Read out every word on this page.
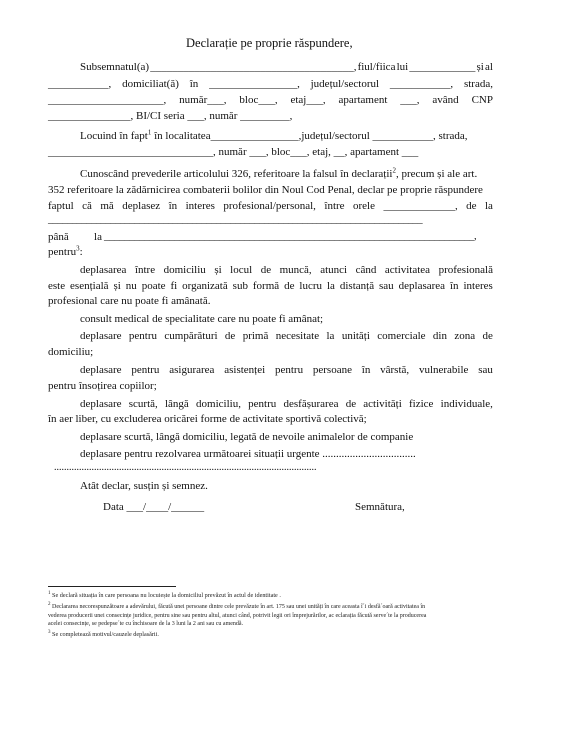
Declarație pe proprie răspundere,
Subsemnatul(a) _____________________________________, fiul/fiica lui ____________ și al
___________, domiciliat(ă) în ________________, județul/sectorul ___________, strada,
_____________________, număr___, bloc___, etaj___, apartament ___, având CNP
_______________, BI/CI seria ___, număr _________,
Locuind în fapt$^1$ în localitatea________________,județul/sectorul ___________, strada,
______________________________, număr ___, bloc___, etaj, __, apartament ___
Cunoscând prevederile articolului 326, referitoare la falsul în declarații$^2$, precum și ale art.
352 referitoare la zădărnicirea combaterii bolilor din Noul Cod Penal, declar pe proprie răspundere
faptul că mă deplasez în interes profesional/personal, între orele _____________, de la
______________________________________________________________________________
până la __________________________________________________________________________,
pentru$^3$:
deplasarea între domiciliu și locul de muncă, atunci când activitatea profesională
este esențială și nu poate fi organizată sub formă de lucru la distanță sau deplasarea în interes
profesional care nu poate fi amânată.
consult medical de specialitate care nu poate fi amânat;
deplasare pentru cumpărături de primă necesitate la unități comerciale din zona de
domiciliu;
deplasare pentru asigurarea asistenței pentru persoane în vârstă, vulnerabile sau
pentru însoțirea copiilor;
deplasare scurtă, lângă domiciliu, pentru desfășurarea de activități fizice individuale,
în aer liber, cu excluderea oricărei forme de activitate sportivă colectivă;
deplasare scurtă, lângă domiciliu, legată de nevoile animalelor de companie
deplasare pentru rezolvarea următoarei situații urgente ..................................
.........................................................................................................
Atât declar, susțin și semnez.
Data ___/____/______	Semnătura,
$^1$ Se declară situația în care persoana nu locuiește la domiciliul prevăzut în actul de identitate .
$^2$ Declararea necorespunzătoare a adevărului, făcută unei persoane dintre cele prevăzute în art. 175 sau unei unități în care aceasta î´i desfă´oară activitatea în
vederea producerii unei consecințe juridice, pentru sine sau pentru altul, atunci când, potrivit legii ori împrejurărilor, ac eclarația făcută serve´te la producerea
acelei consecințe, se pedepse´te cu închisoare de la 3 luni la 2 ani sau cu amendă.
$^3$ Se completează motivul/cauzele deplasării.
